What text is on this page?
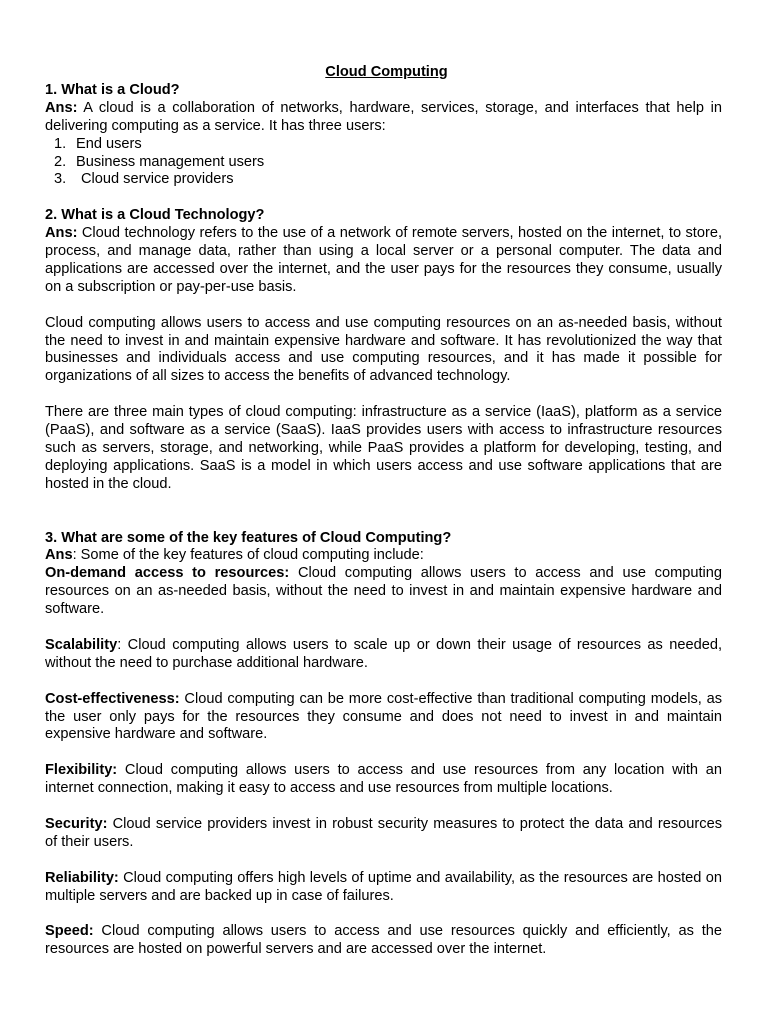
Cloud Computing

1. What is a Cloud?

Ans: A cloud is a collaboration of networks, hardware, services, storage, and interfaces that help in delivering computing as a service. It has three users:

1. End users
2. Business management users
3. Cloud service providers

2. What is a Cloud Technology?

Ans: Cloud technology refers to the use of a network of remote servers, hosted on the internet, to store, process, and manage data, rather than using a local server or a personal computer. The data and applications are accessed over the internet, and the user pays for the resources they consume, usually on a subscription or pay-per-use basis.

Cloud computing allows users to access and use computing resources on an as-needed basis, without the need to invest in and maintain expensive hardware and software. It has revolutionized the way that businesses and individuals access and use computing resources, and it has made it possible for organizations of all sizes to access the benefits of advanced technology.

There are three main types of cloud computing: infrastructure as a service (IaaS), platform as a service (PaaS), and software as a service (SaaS). IaaS provides users with access to infrastructure resources such as servers, storage, and networking, while PaaS provides a platform for developing, testing, and deploying applications. SaaS is a model in which users access and use software applications that are hosted in the cloud.

3. What are some of the key features of Cloud Computing?

Ans: Some of the key features of cloud computing include:

On-demand access to resources: Cloud computing allows users to access and use computing resources on an as-needed basis, without the need to invest in and maintain expensive hardware and software.

Scalability: Cloud computing allows users to scale up or down their usage of resources as needed, without the need to purchase additional hardware.

Cost-effectiveness: Cloud computing can be more cost-effective than traditional computing models, as the user only pays for the resources they consume and does not need to invest in and maintain expensive hardware and software.

Flexibility: Cloud computing allows users to access and use resources from any location with an internet connection, making it easy to access and use resources from multiple locations.

Security: Cloud service providers invest in robust security measures to protect the data and resources of their users.

Reliability: Cloud computing offers high levels of uptime and availability, as the resources are hosted on multiple servers and are backed up in case of failures.

Speed: Cloud computing allows users to access and use resources quickly and efficiently, as the resources are hosted on powerful servers and are accessed over the internet.
